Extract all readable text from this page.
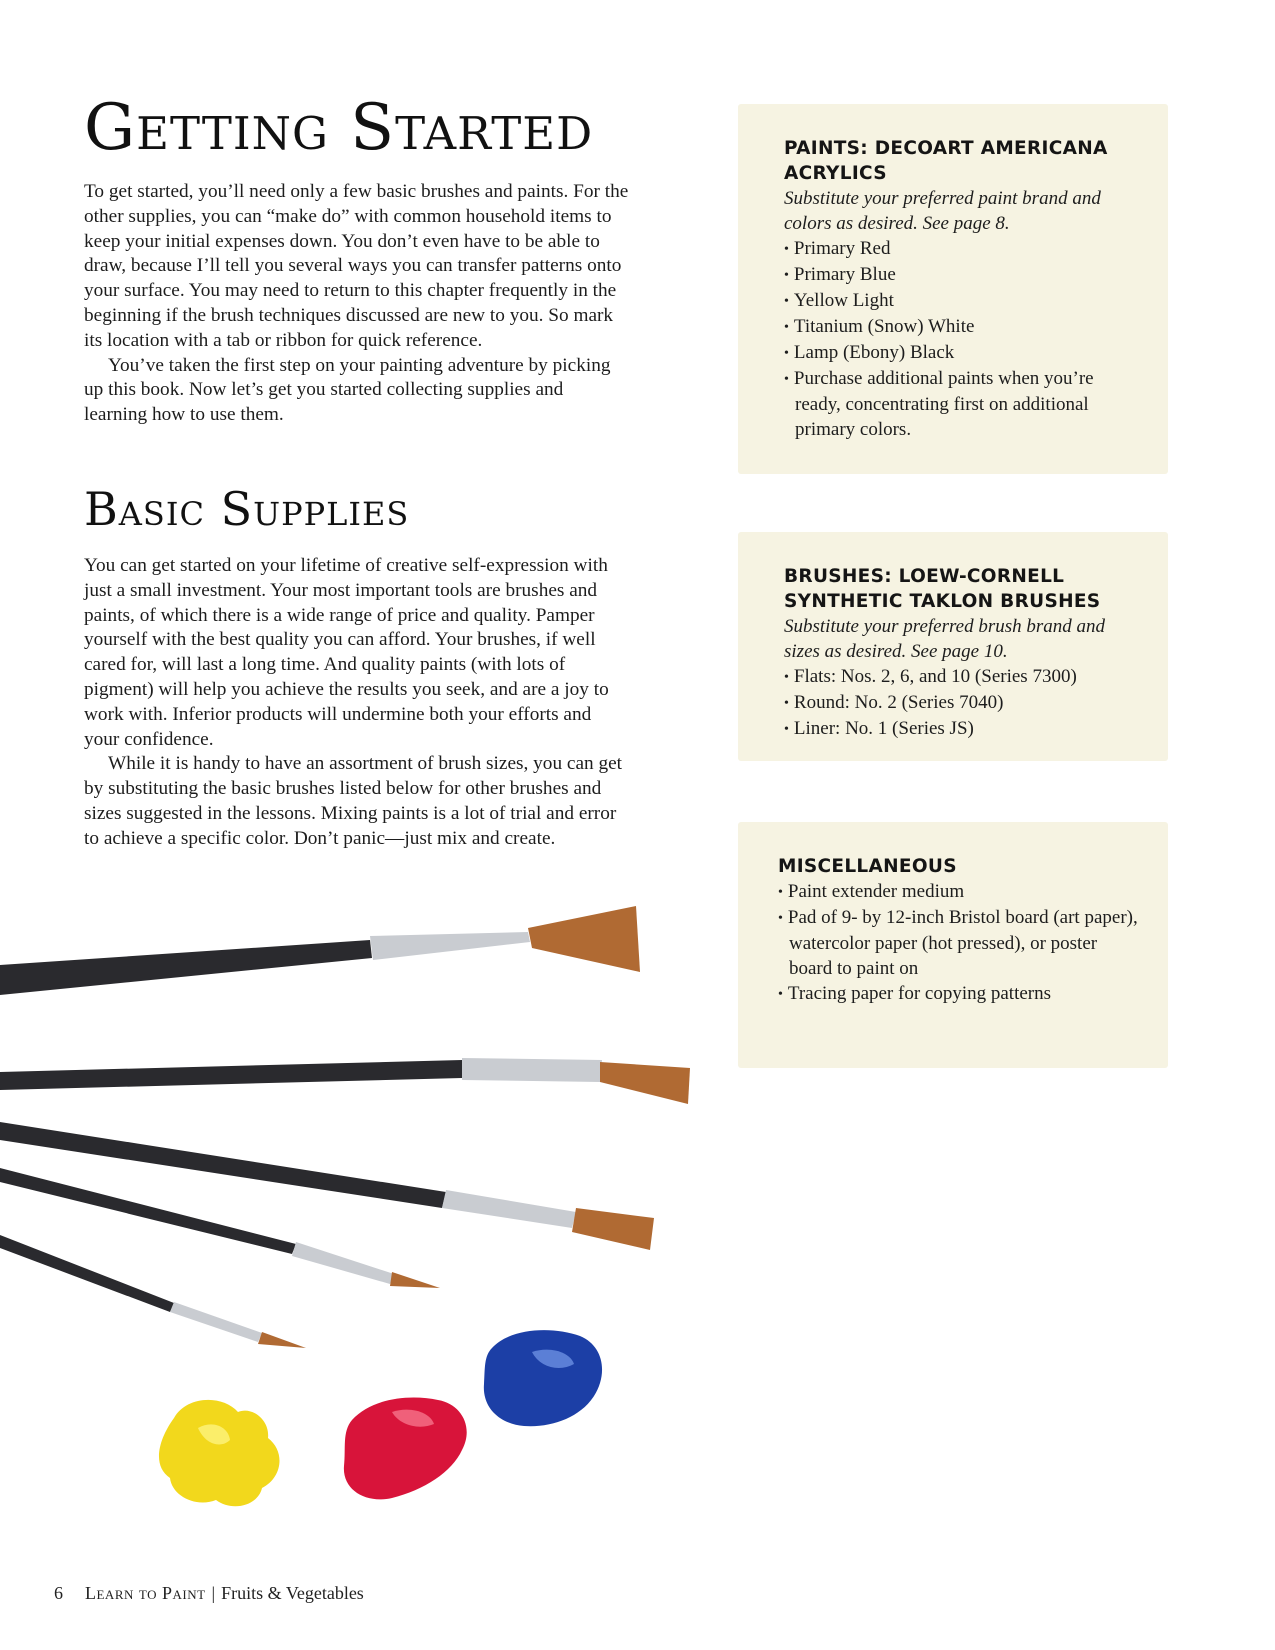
Getting Started

To get started, you’ll need only a few basic brushes and paints. For the other supplies, you can “make do” with common household items to keep your initial expenses down. You don’t even have to be able to draw, because I’ll tell you several ways you can transfer patterns onto your surface. You may need to return to this chapter frequently in the beginning if the brush techniques discussed are new to you. So mark its location with a tab or ribbon for quick reference.

You’ve taken the first step on your painting adventure by picking up this book. Now let’s get you started collecting supplies and learning how to use them.

Basic Supplies

You can get started on your lifetime of creative self-expression with just a small investment. Your most important tools are brushes and paints, of which there is a wide range of price and quality. Pamper yourself with the best quality you can afford. Your brushes, if well cared for, will last a long time. And quality paints (with lots of pigment) will help you achieve the results you seek, and are a joy to work with. Inferior products will undermine both your efforts and your confidence.

While it is handy to have an assortment of brush sizes, you can get by substituting the basic brushes listed below for other brushes and sizes suggested in the lessons. Mixing paints is a lot of trial and error to achieve a specific color. Don’t panic—just mix and create.

PAINTS: DECOART AMERICANA ACRYLICS
Substitute your preferred paint brand and colors as desired. See page 8.
• Primary Red
• Primary Blue
• Yellow Light
• Titanium (Snow) White
• Lamp (Ebony) Black
• Purchase additional paints when you’re ready, concentrating first on additional primary colors.
BRUSHES: LOEW-CORNELL SYNTHETIC TAKLON BRUSHES
Substitute your preferred brush brand and sizes as desired. See page 10.
• Flats: Nos. 2, 6, and 10 (Series 7300)
• Round: No. 2 (Series 7040)
• Liner: No. 1 (Series JS)
MISCELLANEOUS
• Paint extender medium
• Pad of 9- by 12-inch Bristol board (art paper), watercolor paper (hot pressed), or poster board to paint on
• Tracing paper for copying patterns
6 Learn to Paint | Fruits & Vegetables
